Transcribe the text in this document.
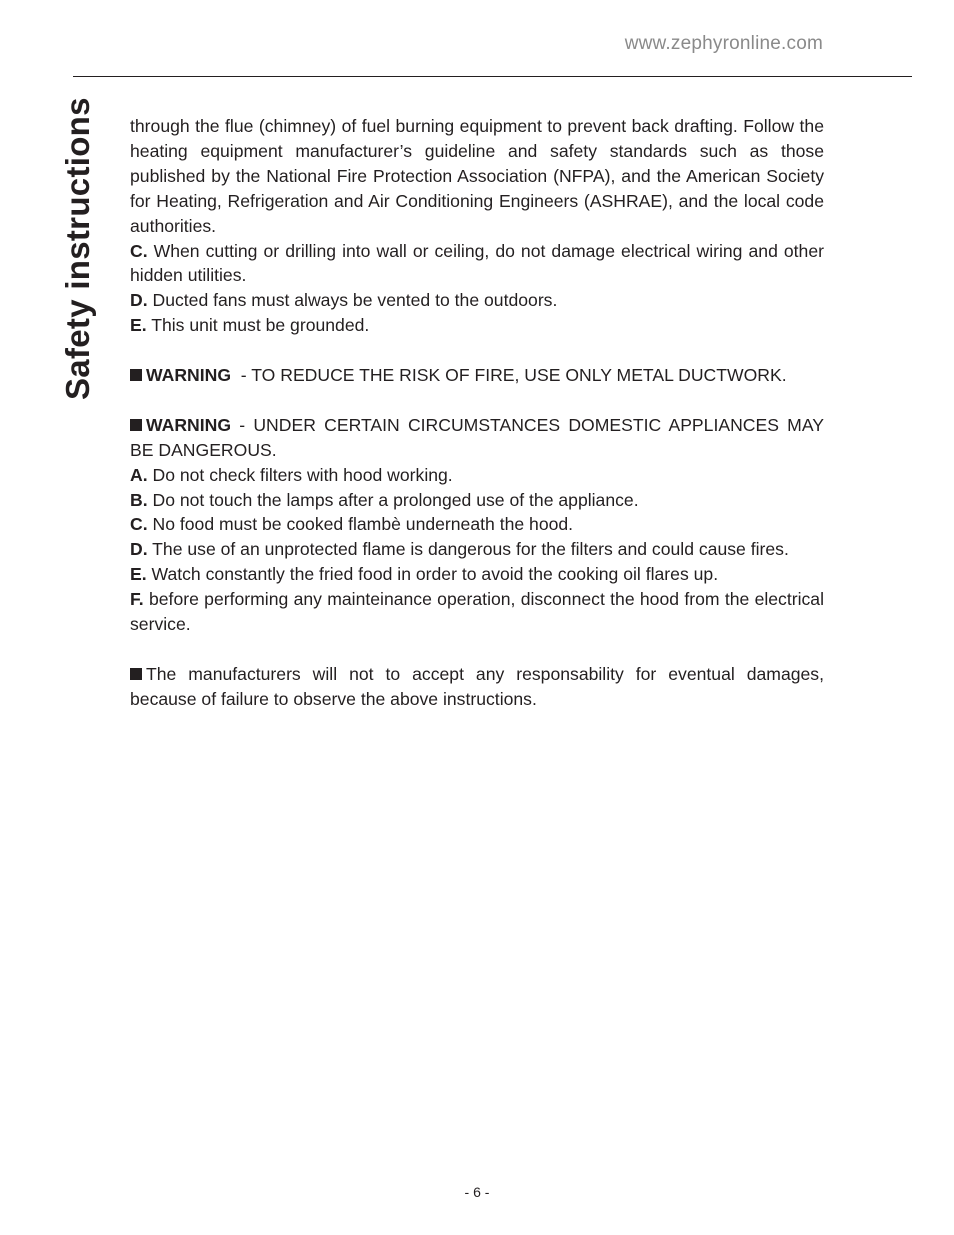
www.zephyronline.com
Safety instructions through the flue (chimney) of fuel burning equipment to prevent back drafting. Follow the heating equipment manufacturer’s guideline and safety standards such as those published by the National Fire Protection Association (NFPA), and the American Society for Heating, Refrigeration and Air Conditioning Engineers (ASHRAE), and the local code authorities.

C. When cutting or drilling into wall or ceiling, do not damage electrical wiring and other hidden utilities.

D. Ducted fans must always be vented to the outdoors.

E. This unit must be grounded.

WARNING  - TO REDUCE THE RISK OF FIRE, USE ONLY METAL DUCTWORK.

WARNING - UNDER CERTAIN CIRCUMSTANCES DOMESTIC APPLIANCES MAY BE DANGEROUS.

A. Do not check filters with hood working.

B. Do not touch the lamps after a prolonged use of the appliance.

C. No food must be cooked flambè underneath the hood.

D. The use of an unprotected flame is dangerous for the filters and could cause fires.

E. Watch constantly the fried food in order to avoid the cooking oil flares up.

F. before performing any mainteinance operation, disconnect the hood from the electrical service.

The manufacturers will not to accept any responsability for eventual damages, because of failure to observe the above instructions.

- 6 -
